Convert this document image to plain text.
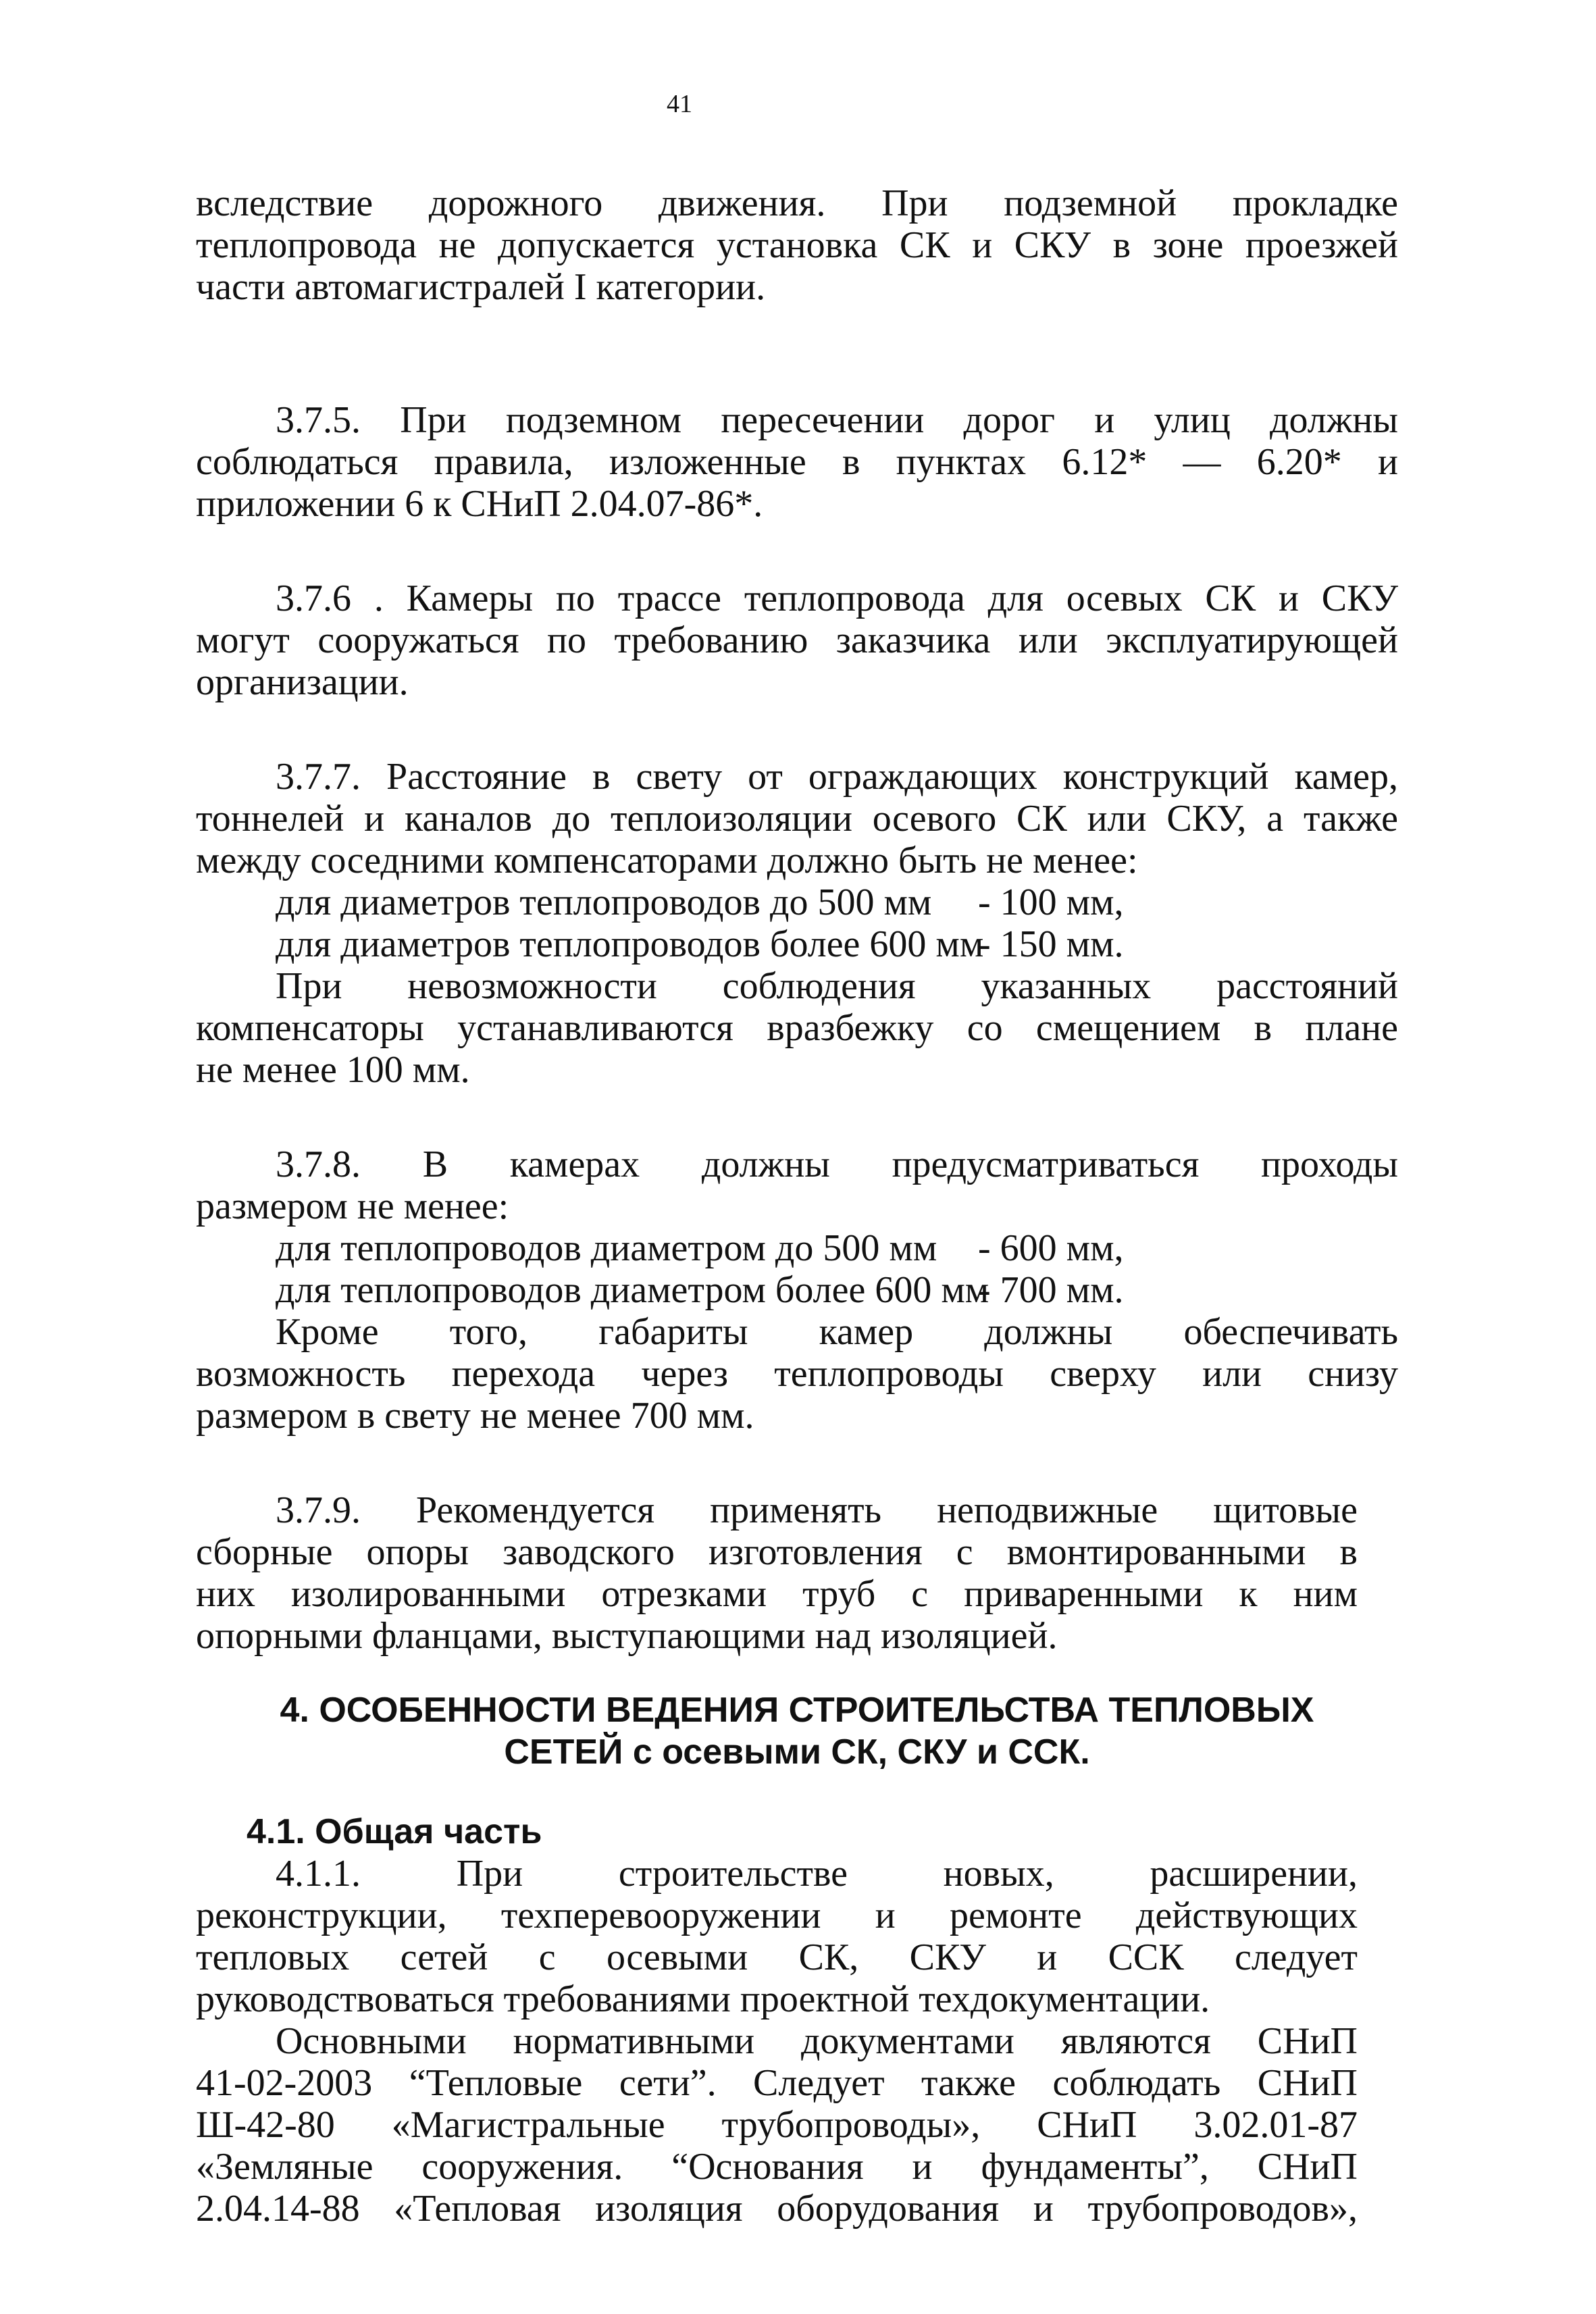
41
вследствие дорожного движения. При подземной прокладке
теплопровода не допускается установка СК и СКУ в зоне проезжей
части автомагистралей I категории.
3.7.5. При подземном пересечении дорог и улиц должны
соблюдаться правила, изложенные в пунктах 6.12* — 6.20* и
приложении 6 к СНиП 2.04.07-86*.
3.7.6 . Камеры по трассе теплопровода для осевых СК и СКУ
могут сооружаться по требованию заказчика или эксплуатирующей
организации.
3.7.7. Расстояние в свету от ограждающих конструкций камер,
тоннелей и каналов до теплоизоляции осевого СК или СКУ, а также
между соседними компенсаторами должно быть не менее:
для диаметров теплопроводов до 500 мм	- 100 мм,
для диаметров теплопроводов более 600 мм
- 150 мм.
При невозможности соблюдения указанных расстояний
компенсаторы устанавливаются вразбежку со смещением в плане
не менее 100 мм.
3.7.8. В камерах должны предусматриваться проходы
размером не менее:
для теплопроводов диаметром до 500 мм	- 600 мм,
для теплопроводов диаметром более 600 мм
- 700 мм.
Кроме того, габариты камер должны обеспечивать
возможность перехода через теплопроводы сверху или снизу
размером в свету не менее 700 мм.
3.7.9. Рекомендуется применять неподвижные щитовые
сборные опоры заводского изготовления с вмонтированными в
них изолированными отрезками труб с приваренными к ним
опорными фланцами, выступающими над изоляцией.
4. ОСОБЕННОСТИ ВЕДЕНИЯ СТРОИТЕЛЬСТВА ТЕПЛОВЫХ
СЕТЕЙ с осевыми СК, СКУ и ССК.
4.1. Общая часть
4.1.1. При строительстве новых, расширении,
реконструкции, техперевооружении и ремонте действующих
тепловых сетей с осевыми СК, СКУ и ССК следует
руководствоваться требованиями проектной техдокументации.
Основными нормативными документами являются СНиП
41-02-2003 “Тепловые сети”. Следует также соблюдать СНиП
Ш-42-80 «Магистральные трубопроводы», СНиП 3.02.01-87
«Земляные сооружения. “Основания и фундаменты”, СНиП
2.04.14-88 «Тепловая изоляция оборудования и трубопроводов»,
